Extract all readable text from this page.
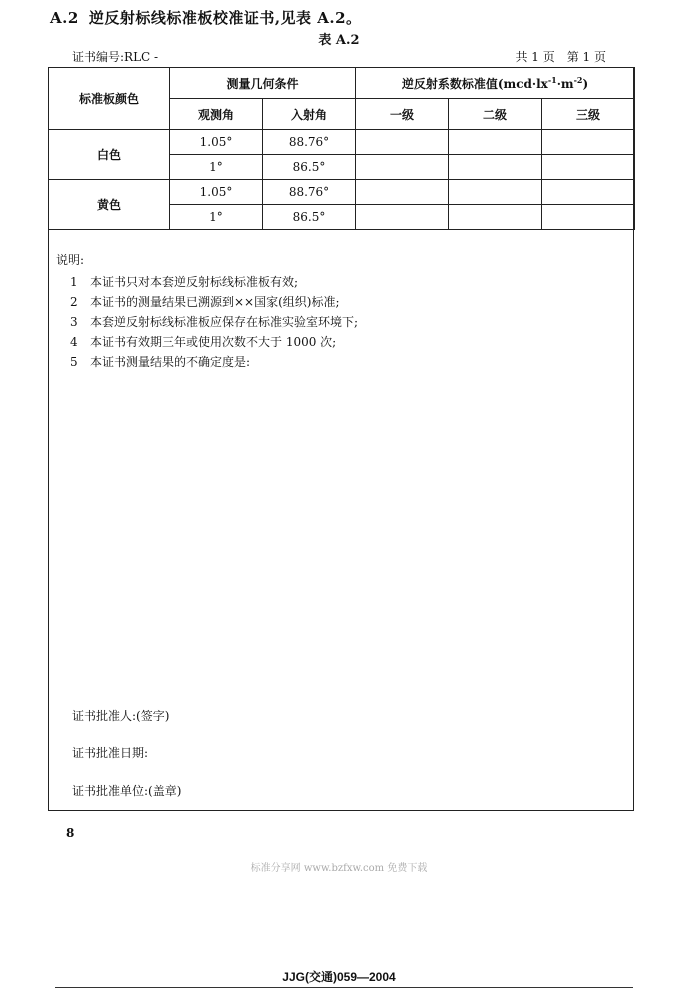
A.2 逆反射标线标准板校准证书,见表 A.2。
表 A.2
证书编号:RLC -	共 1 页 第 1 页
标准板颜色	测量几何条件		逆反射系数标准值$(mcd\cdot lx^{-1}\cdot m^{-2})$		
	观测角	入射角	一级	二级	三级
白色	1.05°	88.76°			
	1°	86.5°			
黄色	1.05°	88.76°			
	1°	86.5°			
说明:
1 本证书只对本套逆反射标线标准板有效;
2 本证书的测量结果已溯源到××国家(组织)标准;
3 本套逆反射标线标准板应保存在标准实验室环境下;
4 本证书有效期三年或使用次数不大于 1000 次;
5 本证书测量结果的不确定度是:
证书批准人:(签字)
证书批准日期:
证书批准单位:(盖章)
8
标准分享网 www.bzfxw.com 免费下载
JJG(交通)059—2004
